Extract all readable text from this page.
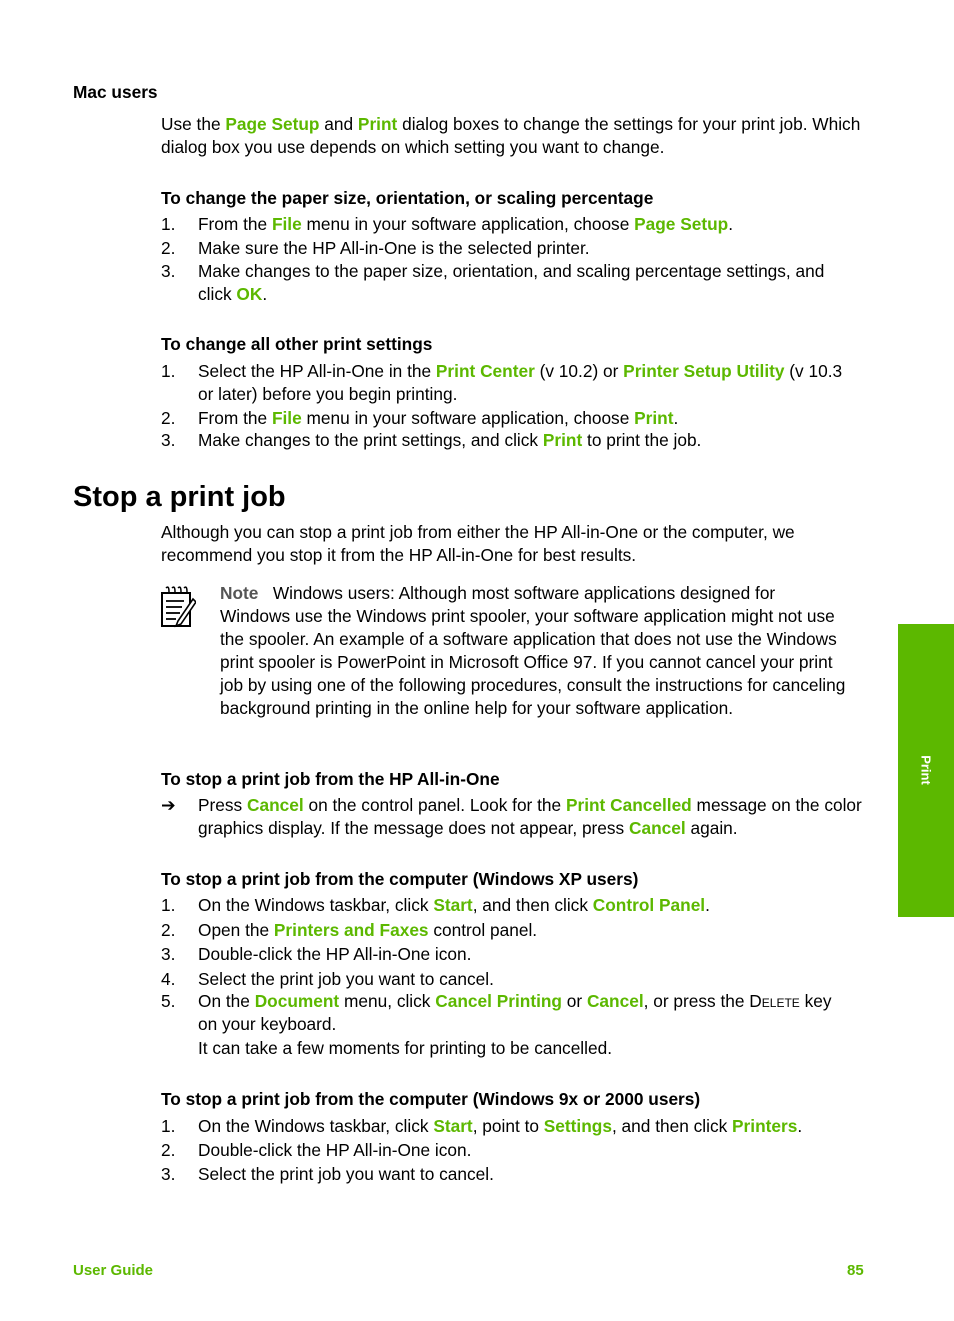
Mac users
Use the Page Setup and Print dialog boxes to change the settings for your print job. Which dialog box you use depends on which setting you want to change.
To change the paper size, orientation, or scaling percentage
1.	From the File menu in your software application, choose Page Setup.
2.	Make sure the HP All-in-One is the selected printer.
3.	Make changes to the paper size, orientation, and scaling percentage settings, and click OK.
To change all other print settings
1.	Select the HP All-in-One in the Print Center (v 10.2) or Printer Setup Utility (v 10.3 or later) before you begin printing.
2.	From the File menu in your software application, choose Print.
3.	Make changes to the print settings, and click Print to print the job.
Stop a print job
Although you can stop a print job from either the HP All-in-One or the computer, we recommend you stop it from the HP All-in-One for best results.
Note Windows users: Although most software applications designed for Windows use the Windows print spooler, your software application might not use the spooler. An example of a software application that does not use the Windows print spooler is PowerPoint in Microsoft Office 97. If you cannot cancel your print job by using one of the following procedures, consult the instructions for canceling background printing in the online help for your software application.
To stop a print job from the HP All-in-One
➔	Press Cancel on the control panel. Look for the Print Cancelled message on the color graphics display. If the message does not appear, press Cancel again.
To stop a print job from the computer (Windows XP users)
1.	On the Windows taskbar, click Start, and then click Control Panel.
2.	Open the Printers and Faxes control panel.
3.	Double-click the HP All-in-One icon.
4.	Select the print job you want to cancel.
5.	On the Document menu, click Cancel Printing or Cancel, or press the Delete key on your keyboard.
It can take a few moments for printing to be cancelled.
To stop a print job from the computer (Windows 9x or 2000 users)
1.	On the Windows taskbar, click Start, point to Settings, and then click Printers.
2.	Double-click the HP All-in-One icon.
3.	Select the print job you want to cancel.
Print
User Guide	85
